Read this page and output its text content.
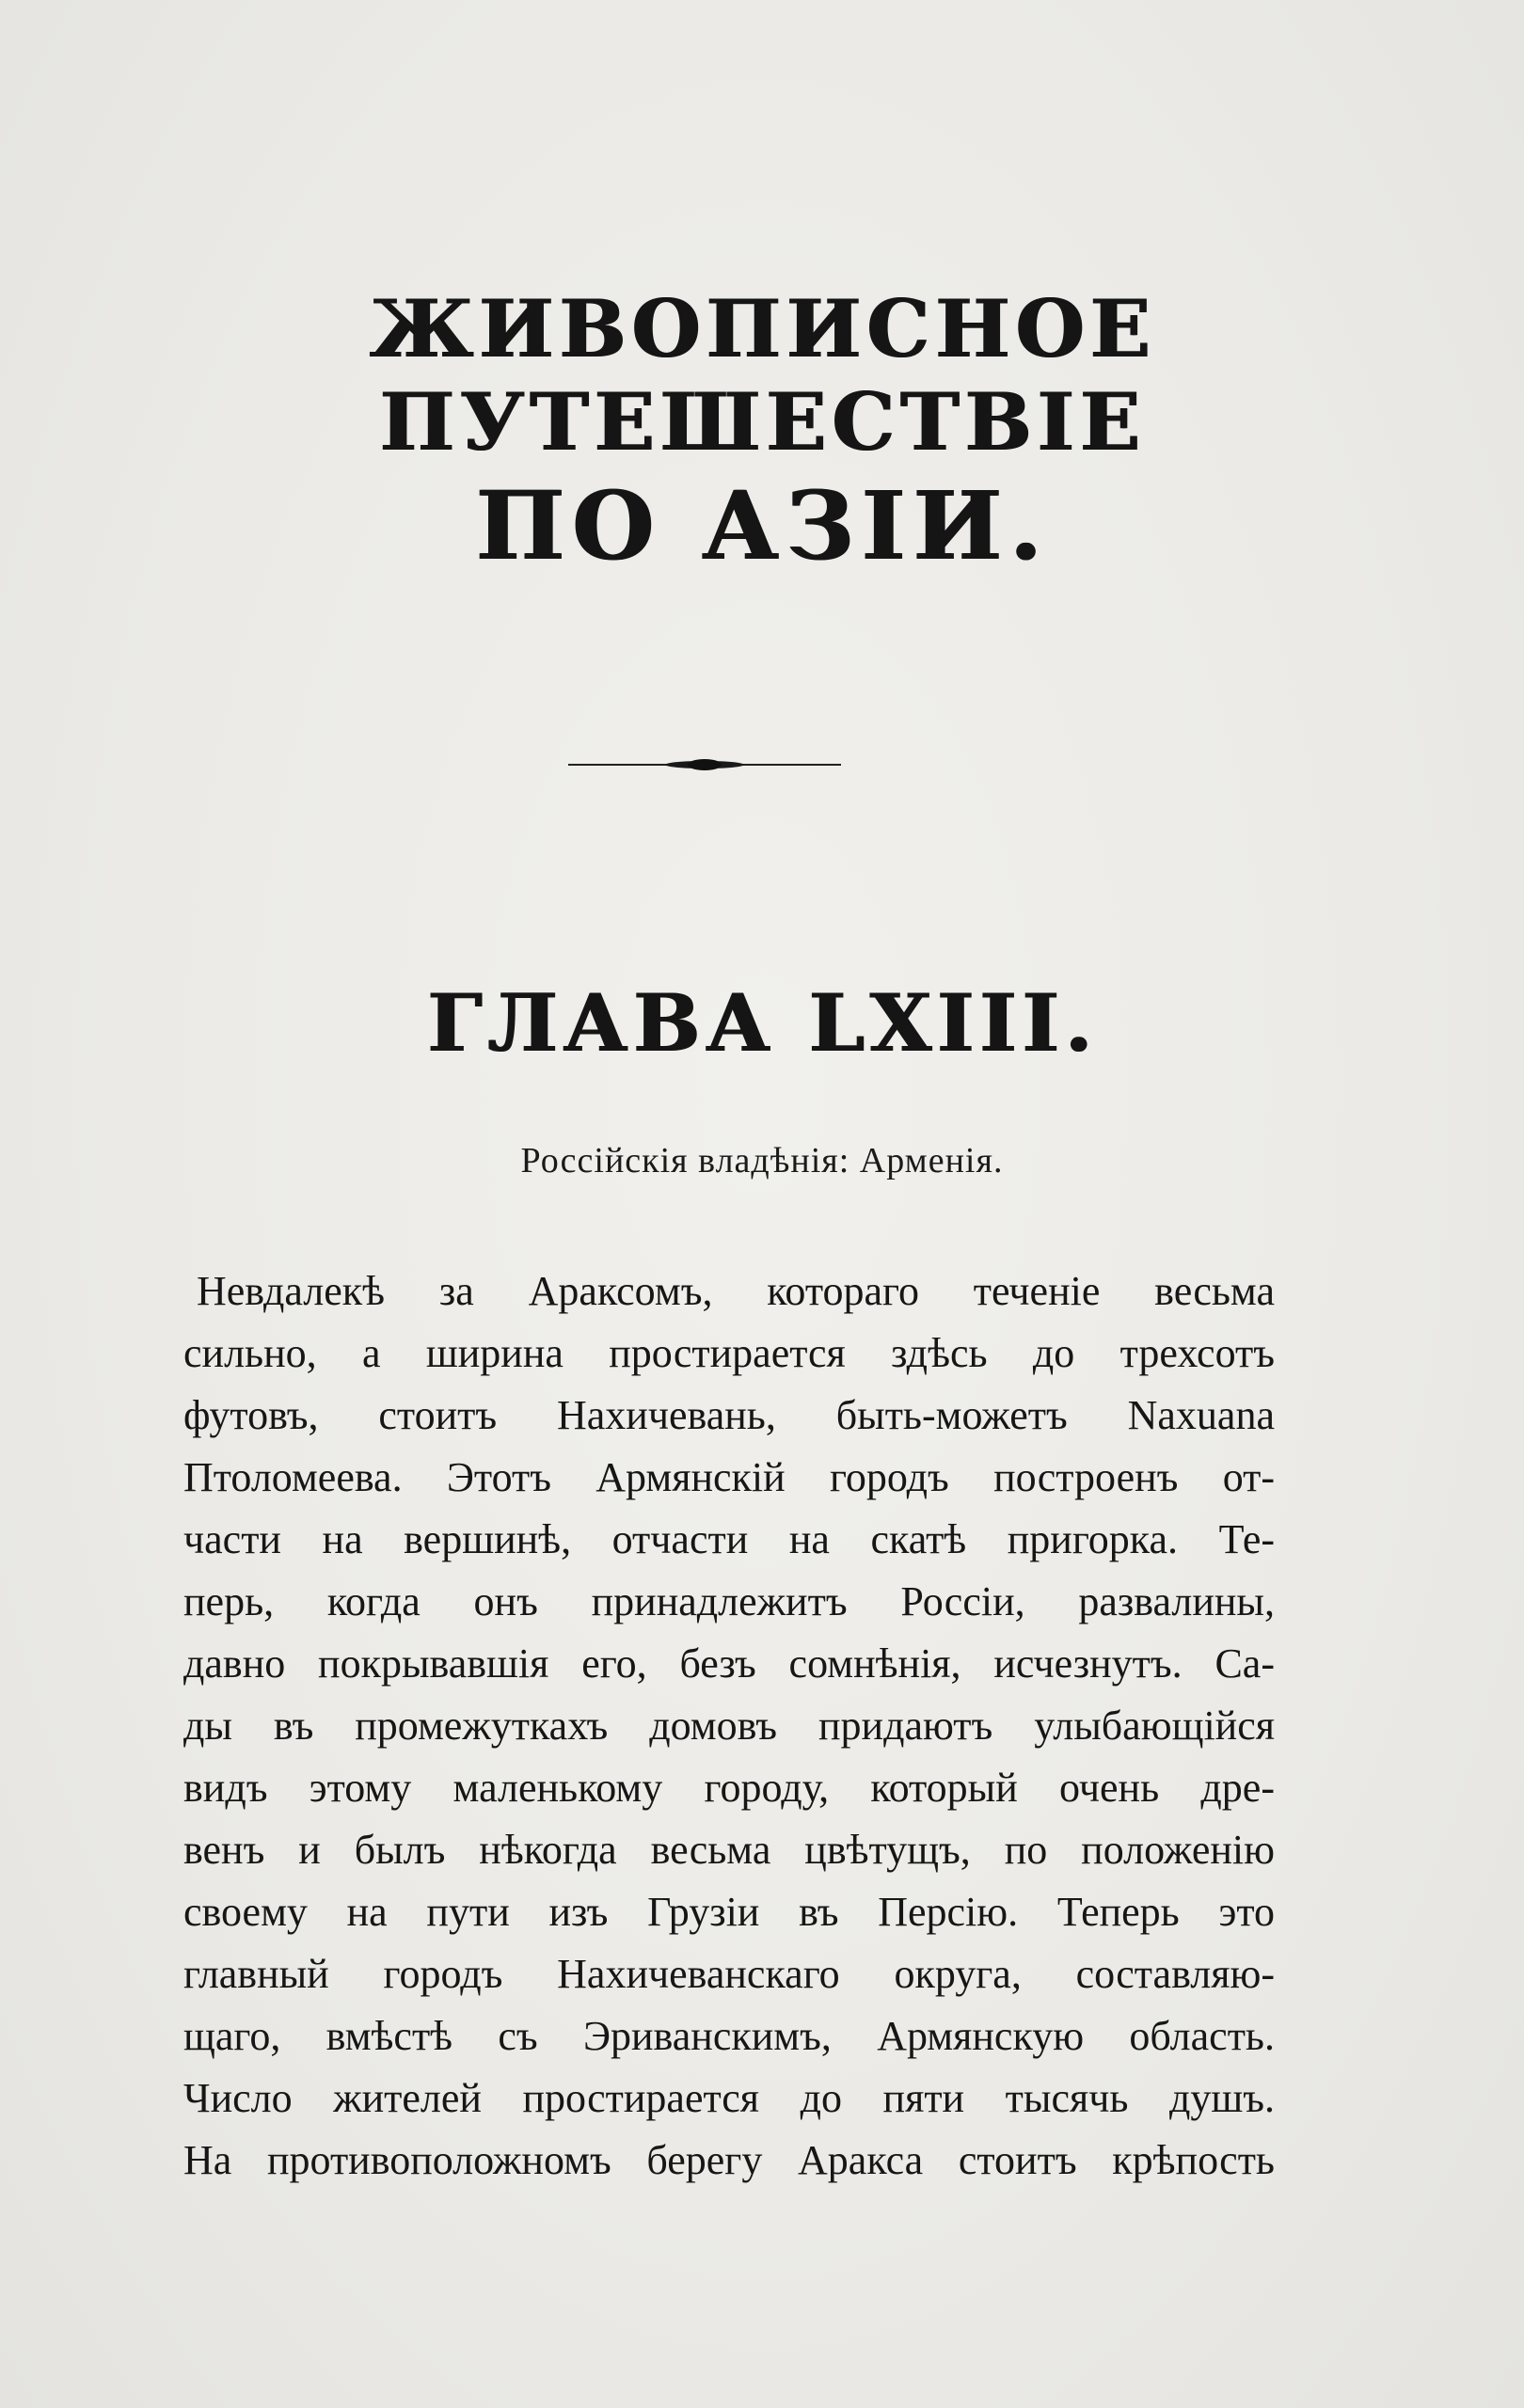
ЖИВОПИСНОЕ ПУТЕШЕСТВІЕ
ПО АЗІИ.
ГЛАВА LXIII.
Россійскія владѣнія: Арменія.
Невдалекѣ за Араксомъ, котораго теченіе весьма
сильно, а ширина простирается здѣсь до трехсотъ
футовъ, стоитъ Нахичевань, быть-можетъ Naxuana
Птоломеева. Этотъ Армянскій городъ построенъ от-
части на вершинѣ, отчасти на скатѣ пригорка. Те-
перь, когда онъ принадлежитъ Россіи, развалины,
давно покрывавшія его, безъ сомнѣнія, исчезнутъ. Са-
ды въ промежуткахъ домовъ придаютъ улыбающійся
видъ этому маленькому городу, который очень дре-
венъ и былъ нѣкогда весьма цвѣтущъ, по положенію
своему на пути изъ Грузіи въ Персію. Теперь это
главный городъ Нахичеванскаго округа, составляю-
щаго, вмѣстѣ съ Эриванскимъ, Армянскую область.
Число жителей простирается до пяти тысячь душъ.
На противоположномъ берегу Аракса стоитъ крѣпость
